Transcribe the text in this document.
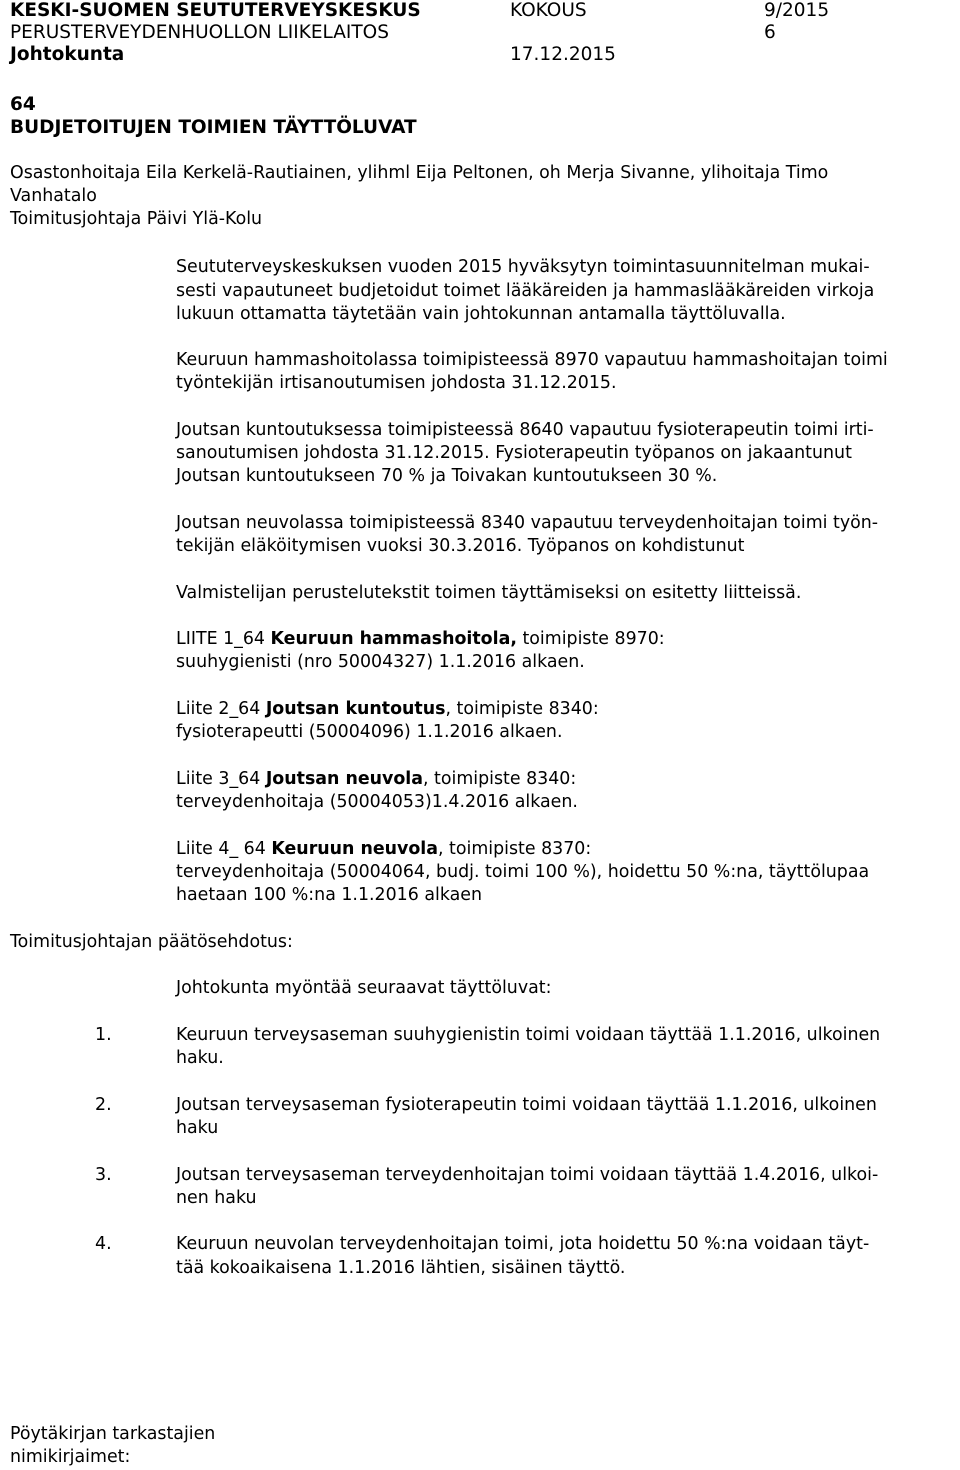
KESKI-SUOMEN SEUTUTERVEYSKESKUS	KOKOUS	9/2015
PERUSTERVEYDENHUOLLON LIIKELAITOS	6
Johtokunta	17.12.2015
64
BUDJETOITUJEN TOIMIEN TÄYTTÖLUVAT
Osastonhoitaja Eila Kerkelä-Rautiainen, ylihml Eija Peltonen, oh Merja Sivanne, ylihoitaja Timo
Vanhatalo
Toimitusjohtaja Päivi Ylä-Kolu
Seututerveyskeskuksen vuoden 2015 hyväksytyn toimintasuunnitelman mukai-
sesti vapautuneet budjetoidut toimet lääkäreiden ja hammaslääkäreiden virkoja
lukuun ottamatta täytetään vain johtokunnan antamalla täyttöluvalla.
Keuruun hammashoitolassa toimipisteessä 8970 vapautuu hammashoitajan toimi
työntekijän irtisanoutumisen johdosta 31.12.2015.
Joutsan kuntoutuksessa toimipisteessä 8640 vapautuu fysioterapeutin toimi irti-
sanoutumisen johdosta 31.12.2015. Fysioterapeutin työpanos on jakaantunut
Joutsan kuntoutukseen 70 % ja Toivakan kuntoutukseen 30 %.
Joutsan neuvolassa toimipisteessä 8340 vapautuu terveydenhoitajan toimi työn-
tekijän eläköitymisen vuoksi 30.3.2016. Työpanos on kohdistunut
Valmistelijan perustelutekstit toimen täyttämiseksi on esitetty liitteissä.
LIITE 1_64 Keuruun hammashoitola, toimipiste 8970:
suuhygienisti (nro 50004327) 1.1.2016 alkaen.
Liite 2_64 Joutsan kuntoutus, toimipiste 8340:
fysioterapeutti (50004096) 1.1.2016 alkaen.
Liite 3_64 Joutsan neuvola, toimipiste 8340:
terveydenhoitaja (50004053)1.4.2016 alkaen.
Liite 4_ 64 Keuruun neuvola, toimipiste 8370:
terveydenhoitaja (50004064, budj. toimi 100 %), hoidettu 50 %:na, täyttölupaa
haetaan 100 %:na 1.1.2016 alkaen
Toimitusjohtajan päätösehdotus:
Johtokunta myöntää seuraavat täyttöluvat:
1.	Keuruun terveysaseman suuhygienistin toimi voidaan täyttää 1.1.2016, ulkoinen
haku.
2.	Joutsan terveysaseman fysioterapeutin toimi voidaan täyttää 1.1.2016, ulkoinen
haku
3.	Joutsan terveysaseman terveydenhoitajan toimi voidaan täyttää 1.4.2016, ulkoi-
nen haku
4.	Keuruun neuvolan terveydenhoitajan toimi, jota hoidettu 50 %:na voidaan täyt-
tää kokoaikaisena 1.1.2016 lähtien, sisäinen täyttö.
Pöytäkirjan tarkastajien
nimikirjaimet:
